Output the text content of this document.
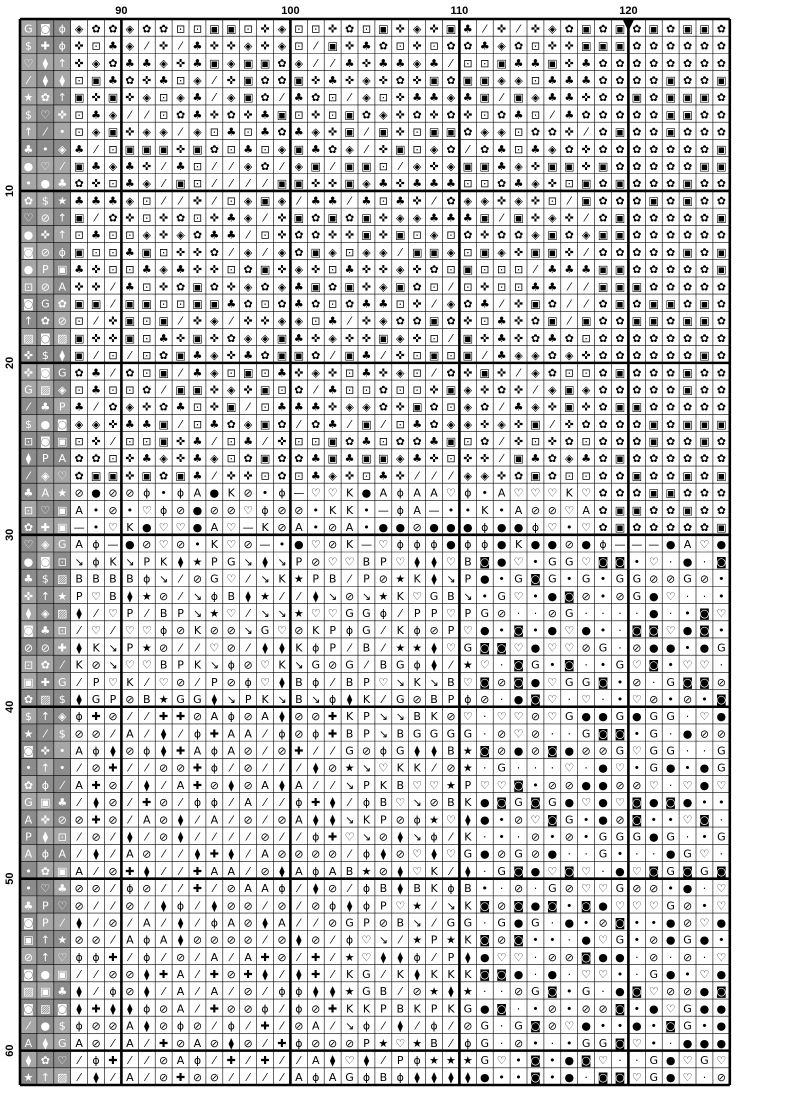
G ◙ ϕ ◈ ✿ ✿ ◈ ✿ ✿ ⊡ ⊡ ▣ ▣ ⊡ ✜ ◈ ⊡ ⊡ ✜ ✿ ⊡ ▣ ✜ ◈ ✜ ▣ ♣ ⁄ ✜ ⁄ ✜ ◈ ✿ ▣ ✿ ▣ ✿ ▣ ✿ ▣ ▣ ✿
$ ✚ ϕ ✜ ⊡ ♣ ◈ ⁄ ✜ ⁄ ♣ ✜ ✜ ◈ ✜ ◈ ⊡ ⁄ ▣ ✜ ♣ ✿ ⊡ ✜ ⊡ ✿ ✿ ♣ ◈ ✿ ⊡ ✜ ✜ ▣ ▣ ▣ ✿ ✿ ✿ ✿ ✿ ✿
♡ ⧫ ↑ ✜ ◈ ✿ ♣ ♣ ◈ ✜ ♣ ▣ ◈ ▣ ▣ ✿ ◈ ⁄ ⁄ ♣ ✜ ♣ ♣ ◈ ♣ ⁄ ⊡ ⊡ ▣ ♣ ♣ ▣ ✜ ♣ ✿ ✿ ✿ ✿ ✿ ✿ ✿ ✿
⁄ ⧫ ⧫ ⊡ ▣ ♣ ✿ ✜ ♣ ⊡ ◈ ⁄ ✜ ▣ ✿ ✿ ▣ ✜ ♣ ✜ ◈ ✜ ✿ ✜ ▣ ✿ ▣ ▣ ◈ ◈ ⊡ ♣ ♣ ♣ ✿ ✿ ✿ ✿ ▣ ✿ ✿ ▣
★ ✿ ↑ ▣ ✜ ▣ ✜ ◈ ⊡ ◈ ♣ ⁄ ◈ ▣ ✿ ⁄ ♣ ✿ ⊡ ⁄ ◈ ⊡ ✜ ♣ ♣ ◈ ♣ ▣ ⁄ ▣ ◈ ♣ ♣ ✜ ✿ ✿ ▣ ✿ ▣ ▣ ▣ ✿
$ ♡ ✜ ⊡ ♣ ◈ ⁄ ⁄ ⊡ ✿ ♣ ✜ ✿ ✜ ♣ ▣ ⊡ ✜ ⊡ ▣ ✿ ◈ ✜ ✿ ✜ ✿ ✜ ⊡ ✿ ♣ ⊡ ⁄ ♣ ✿ ✿ ✿ ✿ ✿ ▣ ▣ ✿ ✿
↑ ⁄ • ⊡ ◈ ▣ ✜ ◈ ◈ ⁄ ◈ ⊡ ♣ ⊡ ♣ ✿ ♣ ◈ ✜ ▣ ⁄ ▣ ✜ ⊡ ▣ ▣ ✿ ◈ ◈ ⊡ ✿ ✿ ✜ ⁄ ✿ ▣ ✿ ✿ ▣ ✿ ✿ ✿
♣ • ◈ ♣ ⁄ ⊡ ▣ ▣ ▣ ✜ ▣ ✿ ⊡ ♣ ⊡ ◈ ▣ ♣ ✿ ◈ ⁄ ✜ ▣ ⊡ ◈ ✿ ⁄ ✿ ♣ ⊡ ♣ ◈ ✿ ✜ ✿ ✿ ✿ ✿ ✿ ✿ ✿ ▣
● ♡ ⁄ ▣ ♣ ◈ ♣ ✜ ⁄ ♣ ⊡ ⁄ ⁄ ◈ ✿ ⁄ ◈ ▣ ⁄ ▣ ▣ ⊡ ⁄ ◈ ✜ ◈ ▣ ▣ ♣ ◈ ✜ ▣ ▣ ✜ ▣ ✿ ✿ ✿ ✿ ✿ ▣ ▣
• ● ♣ ✿ ✜ ⊡ ♣ ◈ ⁄ ▣ ⊡ ⁄ ⁄ ⁄ ⁄ ▣ ▣ ✜ ✜ ▣ ◈ ♣ ✜ ♣ ♣ ♣ ⊡ ⊡ ✿ ♣ ◈ ✜ ⊡ ▣ ✿ ▣ ✿ ✿ ✿ ▣ ✿ ✿
✿ $ ★ ♣ ♣ ♣ ◈ ⊡ ⁄ ⁄ ✜ ⁄ ⊡ ◈ ▣ ◈ ⁄ ♣ ♣ ⁄ ♣ ⊡ ♣ ✜ ⁄ ✿ ◈ ◈ ✜ ◈ ✜ ⊡ ⁄ ▣ ✿ ✿ ✿ ▣ ✿ ▣ ✿ ✿
♡ ⊘ ↑ ▣ ⁄ ✿ ✜ ⊡ ✜ ✿ ⊡ ✜ ♣ ◈ ⁄ ✜ ▣ ✿ ▣ ✿ ▣ ✜ ◈ ◈ ♣ ♣ ♣ ▣ ⁄ ▣ ✜ ◈ ✜ ⁄ ✿ ▣ ✿ ✿ ✿ ✿ ✿ ▣
● ✜ ↑ ⊡ ♣ ⊡ ⊡ ◈ ✜ ◈ ✿ ♣ ♣ ⁄ ⊡ ✜ ✿ ✿ ✜ ✜ ▣ ✜ ▣ ⊡ ◈ ⊡ ✿ ✜ ✿ ✿ ◈ ▣ ✿ ◈ ▣ ▣ ✿ ✿ ✿ ✿ ✿ ✿
◙ ⊘ ϕ ▣ ⊡ ⊡ ♣ ▣ ⊡ ✜ ✜ ✿ ⁄ ◈ ⁄ ◈ ✿ ▣ ◈ ⊡ ◈ ◈ ⁄ ▣ ▣ ◈ ⊡ ▣ ◈ ✜ ▣ ▣ ✜ ⁄ ✿ ✿ ✿ ✿ ✿ ▣ ✿ ▣
● P ▣ ♣ ✜ ⊡ ⊡ ♣ ◈ ♣ ✜ ✜ ⊡ ✿ ▣ ✜ ◈ ✜ ⊡ ♣ ✜ ✜ ◈ ✜ ✿ ⊡ ▣ ⊡ ⊡ ⊡ ⁄ ♣ ♣ ♣ ▣ ▣ ✿ ✿ ✿ ✿ ✿ ▣
⊡ ⊘ A ✜ ✜ ⁄ ♣ ⊡ ✜ ✿ ▣ ✿ ✜ ◈ ✿ ◈ ♣ ▣ ✿ ▣ ✜ ◈ ▣ ✿ ⊡ ⁄ ⊡ ✜ ⊡ ⊡ ♣ ♣ ⁄ ⁄ ▣ ▣ ▣ ✿ ✿ ✿ ✿ ✿
◙ G ✿ ▣ ▣ ⁄ ▣ ▣ ⊡ ⊡ ▣ ▣ ♣ ✿ ⊡ ✿ ♣ ✿ ⊡ ✿ ♣ ♣ ⊡ ✜ ⁄ ◈ ✿ ♣ ⁄ ✜ ▣ ✿ ⁄ ⁄ ✿ ▣ ✿ ▣ ▣ ✿ ▣ ✿
↑ ✿ ⊘ ⊡ ⁄ ✜ ▣ ⊡ ▣ ⁄ ✜ ◈ ⁄ ✜ ✜ ◈ ◈ ⊡ ♣ ⁄ ✜ ◈ ✿ ✿ ▣ ✿ ✜ ⊡ ♣ ✜ ✿ ▣ ⁄ ▣ ✿ ✿ ▣ ▣ ✿ ▣ ▣ ✿
▨ ◙ ▨ ▣ ✜ ✜ ▣ ⊡ ♣ ✜ ▣ ✜ ✿ ◈ ◈ ▣ ♣ ✜ ◈ ✜ ✜ ▣ ◈ ✜ ⊡ ⁄ ▣ ✜ ♣ ✜ ✿ ♣ ✿ ⊡ ✿ ✿ ✿ ✿ ✿ ✿ ✿ ✿
✜ $ ⧫ ▣ ⁄ ⊡ ⁄ ⊡ ✿ ▣ ♣ ◈ ✜ ♣ ✿ ▣ ▣ ✿ ⁄ ▣ ♣ ⁄ ✜ ⊡ ▣ ⊡ ▣ ⁄ ♣ ◈ ◈ ✿ ◈ ✜ ✿ ✿ ✿ ✿ ✿ ✿ ▣ ✿
✜ ◙ G ✿ ♣ ⁄ ✿ ⊡ ▣ ⁄ ♣ ◈ ⊡ ▣ ⊡ ♣ ✜ ◈ ✜ ⊡ ♣ ✜ ◈ ⊡ ⁄ ✿ ✜ ▣ ✜ ⁄ ◈ ✿ ⊡ ⊡ ✿ ▣ ✿ ✿ ✿ ▣ ✿ ✿
G ▨ ◈ ⊡ ♣ ⊡ ⊡ ✿ ⁄ ▣ ▣ ✜ ◈ ✜ ▣ ⊡ ✿ ⁄ ♣ ⊡ ⊡ ✿ ⊡ ⊡ ✜ ▣ ◈ ✜ ✿ ✜ ⁄ ◈ ▣ ◈ ✿ ✿ ✿ ✿ ✿ ▣ ✿ ✿
⁄ ♣ P ♣ ⁄ ✿ ◈ ✜ ✿ ♣ ⊡ ✜ ▣ ⁄ ⊡ ♣ ♣ ♣ ✜ ◈ ◈ ✿ ✜ ▣ ✿ ⊡ ◈ ✿ ⁄ ♣ ◈ ✜ ▣ ✜ ✿ ▣ ▣ ✿ ✿ ✿ ✿ ✿
$ ● ◙ ◈ ◈ ✜ ♣ ♣ ▣ ⁄ ⊡ ♣ ✿ ◈ ▣ ✿ ⁄ ✿ ♣ ⁄ ▣ ⁄ ⊡ ♣ ✿ ◈ ◈ ✜ ◈ ✜ ▣ ⁄ ✜ ✿ ✿ ✿ ✿ ▣ ✿ ▣ ▣ ▣
⊡ ◙ ▣ ⊡ ✜ ⁄ ⊡ ⊡ ▣ ✜ ♣ ⁄ ⊡ ♣ ⁄ ✜ ⊡ ⊡ ▣ ✿ ♣ ⊡ ✿ ✿ ♣ ▣ ⊡ ✿ ⁄ ✜ ⊡ ✜ ✿ ⊡ ✿ ✿ ✿ ▣ ✿ ✿ ▣ ✿
⧫ P A ✿ ✿ ⊡ ✜ ♣ ◈ ✜ ♣ ◈ ⊡ ✿ ▣ ✿ ✿ ♣ ▣ ♣ ▣ ▣ ◈ ♣ ✜ ⊡ ✜ ✜ ⁄ ▣ ♣ ✿ ◈ ♣ ✿ ▣ ✿ ✿ ✿ ✿ ✿ ✿
⁄ ◈ ♡ ✿ ▣ ▣ ✜ ▣ ✿ ▣ ♣ ⁄ ✜ ✜ ⊡ ✿ ⊡ ♣ ◈ ✜ ⊡ ♣ ✜ ⁄ ⁄ ⁄ ◈ ◈ ✜ ✿ ▣ ✿ ⊡ ⊡ ✿ ✿ ▣ ✿ ✿ ▣ ✿ ▣
♣ A ★ ⊘ ● ⊘ ⊘ ϕ • ϕ A ● K ⊘ • ϕ — ♡ ♡ K ● A ϕ A A ♡ ϕ • A ♡ ♡ ♡ K ♡ ✿ ✿ ✿ ▣ ▣ ✿ ✿ ✿
⊡ ♡ ▣ A • ⊘ • ♡ ϕ ⊘ ● ⊘ ⊘ ♡ ϕ ⊘ ⊘ • K K • — ϕ A — • • K • A ⊘ ⊘ ♡ A ✿ ▣ ▣ ✿ ✿ ▣ ✿ ✿
✿ ✚ ▣ — • ♡ K ● ♡ ♡ ● A ♡ — K ⊘ A • ⊘ A • ● ● ⊘ ● ● ● ϕ ● ● ϕ ♡ • ♡ ✿ ▣ ✿ ✿ ✿ ✿ ✿ ▣
♡ ◈ G A ϕ — ● ⊘ ♡ ⊘ • K ♡ ⊘ — • ● ♡ ⊘ K — ♡ ϕ ϕ ϕ ● ϕ ϕ ● K ● ● ⊘ ● ϕ — — — ● A ♡ ●
● ◙ ⊡ ↘ ϕ K ↘ P K ⧫ ★ P G ↘ ⧫ ↘ P ⊘ ♡ ♡ B P ♡ ⧫ ⧫ ♡ B ◙ ● ♡ • G G ♡ ◙ ◙ • ♡ · ● · ◙
♣ $ ▨ B B B B ϕ ↘ ⁄ ⊘ G ♡ ⁄ ↘ K ★ P B ⁄ P ⊘ ★ K ⧫ ↘ P ● • G ◙ G • G • G G ⊘ ⊘ G ⊘ •
✜ ↑ ★ P ♡ B ⧫ ★ ⊘ ⁄ ↘ ϕ B ⧫ ★ ⁄ ⁄ ⧫ ↘ ⊘ ↘ ★ K ♡ G B ↘ • G ♡ • ● ◙ ⊘ • ⊘ G ● ♡ · · •
⧫ ◈ ▨ ⧫ ⁄ ♡ P ⁄ B P ↘ ★ ♡ ⁄ ↘ ↘ ★ ♡ ♡ G G ϕ ⁄ P P ♡ P G ⊘ · · ⊘ G · · · · ● · • ◙ ♡
◙ ♣ ⊡ ⁄ ♡ ⁄ ♡ ♡ ϕ ⊘ K ⊘ ⊘ ↘ G ♡ ⊘ K P ϕ G ⁄ K ϕ ⊘ P ♡ ● • ◙ • ● ♡ ● • · ◙ ◙ ♡ ● ◙ •
⊘ ⊘ ✚ ⧫ K ↘ P ★ ⊘ ⁄ ⁄ ♡ ⊘ ⁄ ⧫ ⧫ K ϕ P ⁄ B ⁄ ★ ★ ⧫ ♡ G ◙ ◙ ♡ ● ♡ ♡ ⊘ G · ⊘ ● ● • ● G
⊡ ✿ ⁄ K ⊘ ↘ ♡ ♡ B P K ↘ ϕ ⊘ ♡ K ↘ G ⊘ G ⁄ B G ϕ ⧫ ⁄ ★ ♡ · ◙ G • ◙ · • G ♡ ◙ • ♡ ♡ ·
▣ ✚ G ⁄ P ♡ K ⁄ ♡ ⊘ ⁄ P ⊘ ϕ ♡ ⧫ B ϕ ⁄ B P ♡ ↘ K ↘ B ♡ ◙ ⊘ ◙ ● ♡ G G ◙ • ⊘ · G ◙ ◙ ⊘
✿ ▨ $ ⧫ G P ⊘ B ★ G G ⧫ ↘ P K ↘ B ↘ ϕ ⧫ K ⁄ G ⊘ B P ϕ ⊘ · ● ◙ ♡ · ♡ · • ♡ ⊘ • ⊘ • ◙
$ ↑ ◈ ϕ ✚ ⊘ ⁄ ⁄ ✚ ✚ ⊘ A ϕ ⊘ A ⧫ ⊘ ⊘ ✚ K P ↘ ↘ B K ⊘ ♡ · ♡ ♡ ⊘ ♡ G ● ● G ● G G · ♡ ●
★ ⁄ $ ⊘ ⊘ ⁄ A ⁄ ⧫ ⁄ ϕ ✚ A A ⁄ ϕ ⊘ ϕ ✚ B P ↘ B G G G G · ⊘ ♡ ⊘ · · G ◙ ◙ • G · ● ⊘ ⊘
◙ ✜ • A ϕ ⧫ ⊘ ϕ ⧫ ✚ A ϕ A ⊘ ⁄ ⊘ ✚ ⁄ ⁄ G ⊘ ϕ G ⧫ ⧫ B ★ ◙ ⊘ ● ⊘ ◙ ● ⊘ ⊘ G ♡ G G · · G
• ↑ • ⁄ ⊘ ✚ ⁄ ⁄ ⊘ ⊘ ✚ ϕ ⁄ ⊘ ⁄ ⁄ ⁄ ⧫ ⊘ ★ ↘ ♡ K K ⁄ ⊘ ★ · G · · · ♡ · ● ♡ • G ● • ● G
✿ ϕ ⁄ A ✚ ⊘ ⁄ ⧫ ⁄ A ✚ ⊘ ⧫ ⊘ A ⧫ A ⁄ ⁄ ↘ P K B ♡ ♡ ★ P ♡ ♡ ◙ • ⊘ ⊘ ● ● ⊘ ⊘ ♡ · ♡ ● ♡
G ▣ ♣ ⁄ ⧫ ⊘ ⁄ ✚ ⊘ ⁄ ϕ ϕ ⁄ A ⁄ ⁄ ϕ ✚ ⧫ ⁄ ϕ B ♡ ↘ ⊘ B K ● ◙ G ◙ G ● ♡ ● ♡ ◙ ● ◙ ● • •
A ✜ ⊘ ⊘ ✚ ⊘ ⁄ A ⊘ ⧫ ⁄ A ⁄ ⊘ ⁄ ⊘ A ⧫ ⧫ ↘ K P ⊘ ϕ ★ ♡ ⧫ ● • ⊘ ♡ ◙ G • ● ⊘ ◙ • • ♡ ◙ ·
P ⧫ ⊡ ⁄ ⊘ ⁄ ⧫ ⁄ ⊘ ⧫ ⁄ ⁄ ⁄ ⁄ ⊘ ⁄ ⁄ ϕ ✚ ♡ ↘ ⊘ ⧫ ↘ ϕ ⁄ K · • · ⊘ • ⊘ • G G G ● G · • G
A ϕ A ⁄ ⧫ ⁄ A ⊘ ⁄ ⁄ ⧫ ✚ ⧫ ⁄ A ⊘ ⊘ ⊘ ⊘ ⁄ ϕ ⧫ ⊘ ♡ ⧫ ♡ G ● ⊘ G ⊘ ● · · G • · · ● G ♡ ·
• ✿ ▣ A ⁄ ⊘ ✚ ⧫ ⁄ ⁄ ✚ A A ⁄ ⊘ ⧫ A ϕ A B ★ ⊘ ⧫ ♡ K ⁄ ⧫ · G ◙ ● ♡ ◙ ♡ · ● ♡ ◙ G ◙ G ◙
• ♡ ♣ ⊘ ⊘ ⁄ ϕ ⊘ ⁄ ⁄ ✚ ⁄ ⊘ A A ϕ ⁄ ⧫ ⊘ ⁄ ϕ B ⧫ B K ϕ B • · ⊘ · G ⊘ ♡ ♡ G ⊘ ⊘ • ● · ♡
♣ P ♡ ⊘ ⁄ ⁄ ⊘ ⁄ ⧫ ϕ ⁄ ⧫ ⊘ ⊘ ⁄ ⊘ ⁄ ⊘ ϕ ⧫ ϕ P ♡ ★ ⁄ ↘ K ◙ ⊘ ◙ ● ◙ • ◙ ● ♡ ♡ ♡ G ⊘ • ♡
◙ P ⁄ ⧫ ⁄ ⊘ ⁄ A ⁄ ⧫ ⁄ ϕ A ⊘ ⧫ A ⁄ ⁄ ⊘ G P ⊘ B ↘ ⁄ G G · G ● G · ● • ⊘ ◙ • • ● ⊘ ♡ ●
▣ ↑ ★ ⊘ ⊘ ⁄ A ϕ A ⧫ ⊘ ⊘ ⊘ ⊘ ⁄ ⊘ ⧫ ⊘ ⁄ ϕ ♡ ↘ ⁄ ★ P ★ K ◙ ⊘ ◙ • • · ● ♡ G • ⊘ ● G ● •
⊘ ↑ ♡ ϕ ϕ ✚ ⁄ ϕ ⁄ ⊘ ⁄ A ⁄ A ✚ ⊘ ⁄ ✚ ⁄ ★ ♡ ⧫ ⧫ ϕ ⁄ P ⧫ ● ♡ ♡ · ⊘ ⊘ ◙ ● ● · ⊘ · ⊘ · ♡
◙ ● ▣ ⁄ ⁄ ⊘ ⊘ ⧫ ✚ A ⁄ ✚ ⊘ ✚ ⧫ ⁄ ⧫ ✚ ⁄ K G ⁄ K ⧫ K K K ◙ ◙ ● · ● · ♡ ♡ • · G ● • ♡ ●
▨ ▣ ♣ ⧫ ⁄ ϕ ⊘ ⧫ ⁄ A ⁄ A ⁄ ⊘ ⁄ ϕ ϕ ⧫ ⧫ ★ G B ⁄ ⊘ ★ ⧫ ★ · · ⊘ G ◙ • G · ● ◙ ♡ ⊘ ⊘ ● ◙
◙ ▨ ◙ ⧫ ✚ ⧫ ⧫ ϕ ⊘ A ⁄ ✚ ⊘ ⊘ ϕ ⁄ ϕ ⊘ ✚ K K P B K P K G ● ◙ · • ⊘ • ⊘ ⊘ ◙ • ● ♡ G ● ●
⁄ ● $ ϕ ⊘ ⊘ A ⧫ ⊘ ϕ ⊘ ⁄ ϕ ⁄ ✚ ⁄ ⊘ A ⁄ ↘ ϕ ⁄ ⧫ ⁄ ϕ ⁄ ⊘ G · G ◙ ⊘ ♡ ● • • ● • ◙ G • ●
A ⧫ G A ⊘ ⁄ A ⁄ ✚ ⊘ A ⊘ ⧫ ⊘ ⁄ ✚ ϕ ⊘ ⊘ ⊘ P ★ ♡ ★ B ⁄ ϕ G · ⊘ • · • G G ◙ ♡ • · ● ● ●
⧫ ✿ ♡ ⁄ ϕ ✚ ⁄ ⁄ ⊘ A ϕ ⁄ ✚ ⁄ ✚ ⁄ ⁄ A ⧫ ♡ ⧫ ⁄ P ϕ ★ ★ ★ G ♡ • ◙ • ● ◙ ♡ · · G ● ♡ G ♡
★ ↑ ▨ ⁄ ⧫ ⁄ A ⁄ ⊘ ✚ ⊘ ⊘ ⁄ ⁄ ⁄ ⁄ A ϕ A G ϕ B ϕ ⧫ ⧫ ⧫ ⧫ ● • • ◙ • ● · ◙ ◙ ♡ G ● ♡ · ⊘
90	100	110	120
10
20
30
40
50
60
